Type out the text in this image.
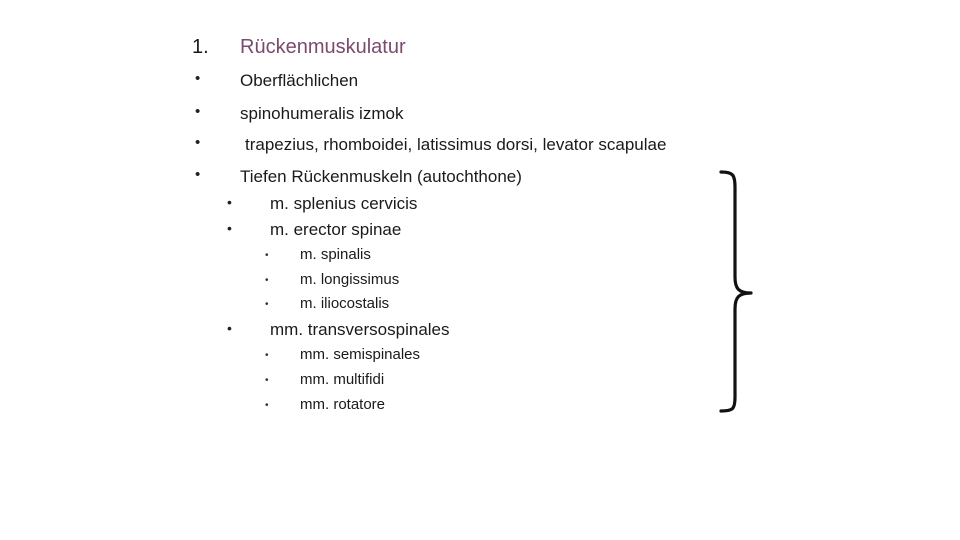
1. Rückenmuskulatur
• Oberflächlichen
• spinohumeralis izmok
•	trapezius, rhomboidei, latissimus dorsi, levator scapulae
• Tiefen Rückenmuskeln (autochthone)
• m. splenius cervicis
• m. erector spinae
• m. spinalis
• m. longissimus
• m. iliocostalis
• mm. transversospinales
• mm. semispinales
• mm. multifidi
• mm. rotatore
